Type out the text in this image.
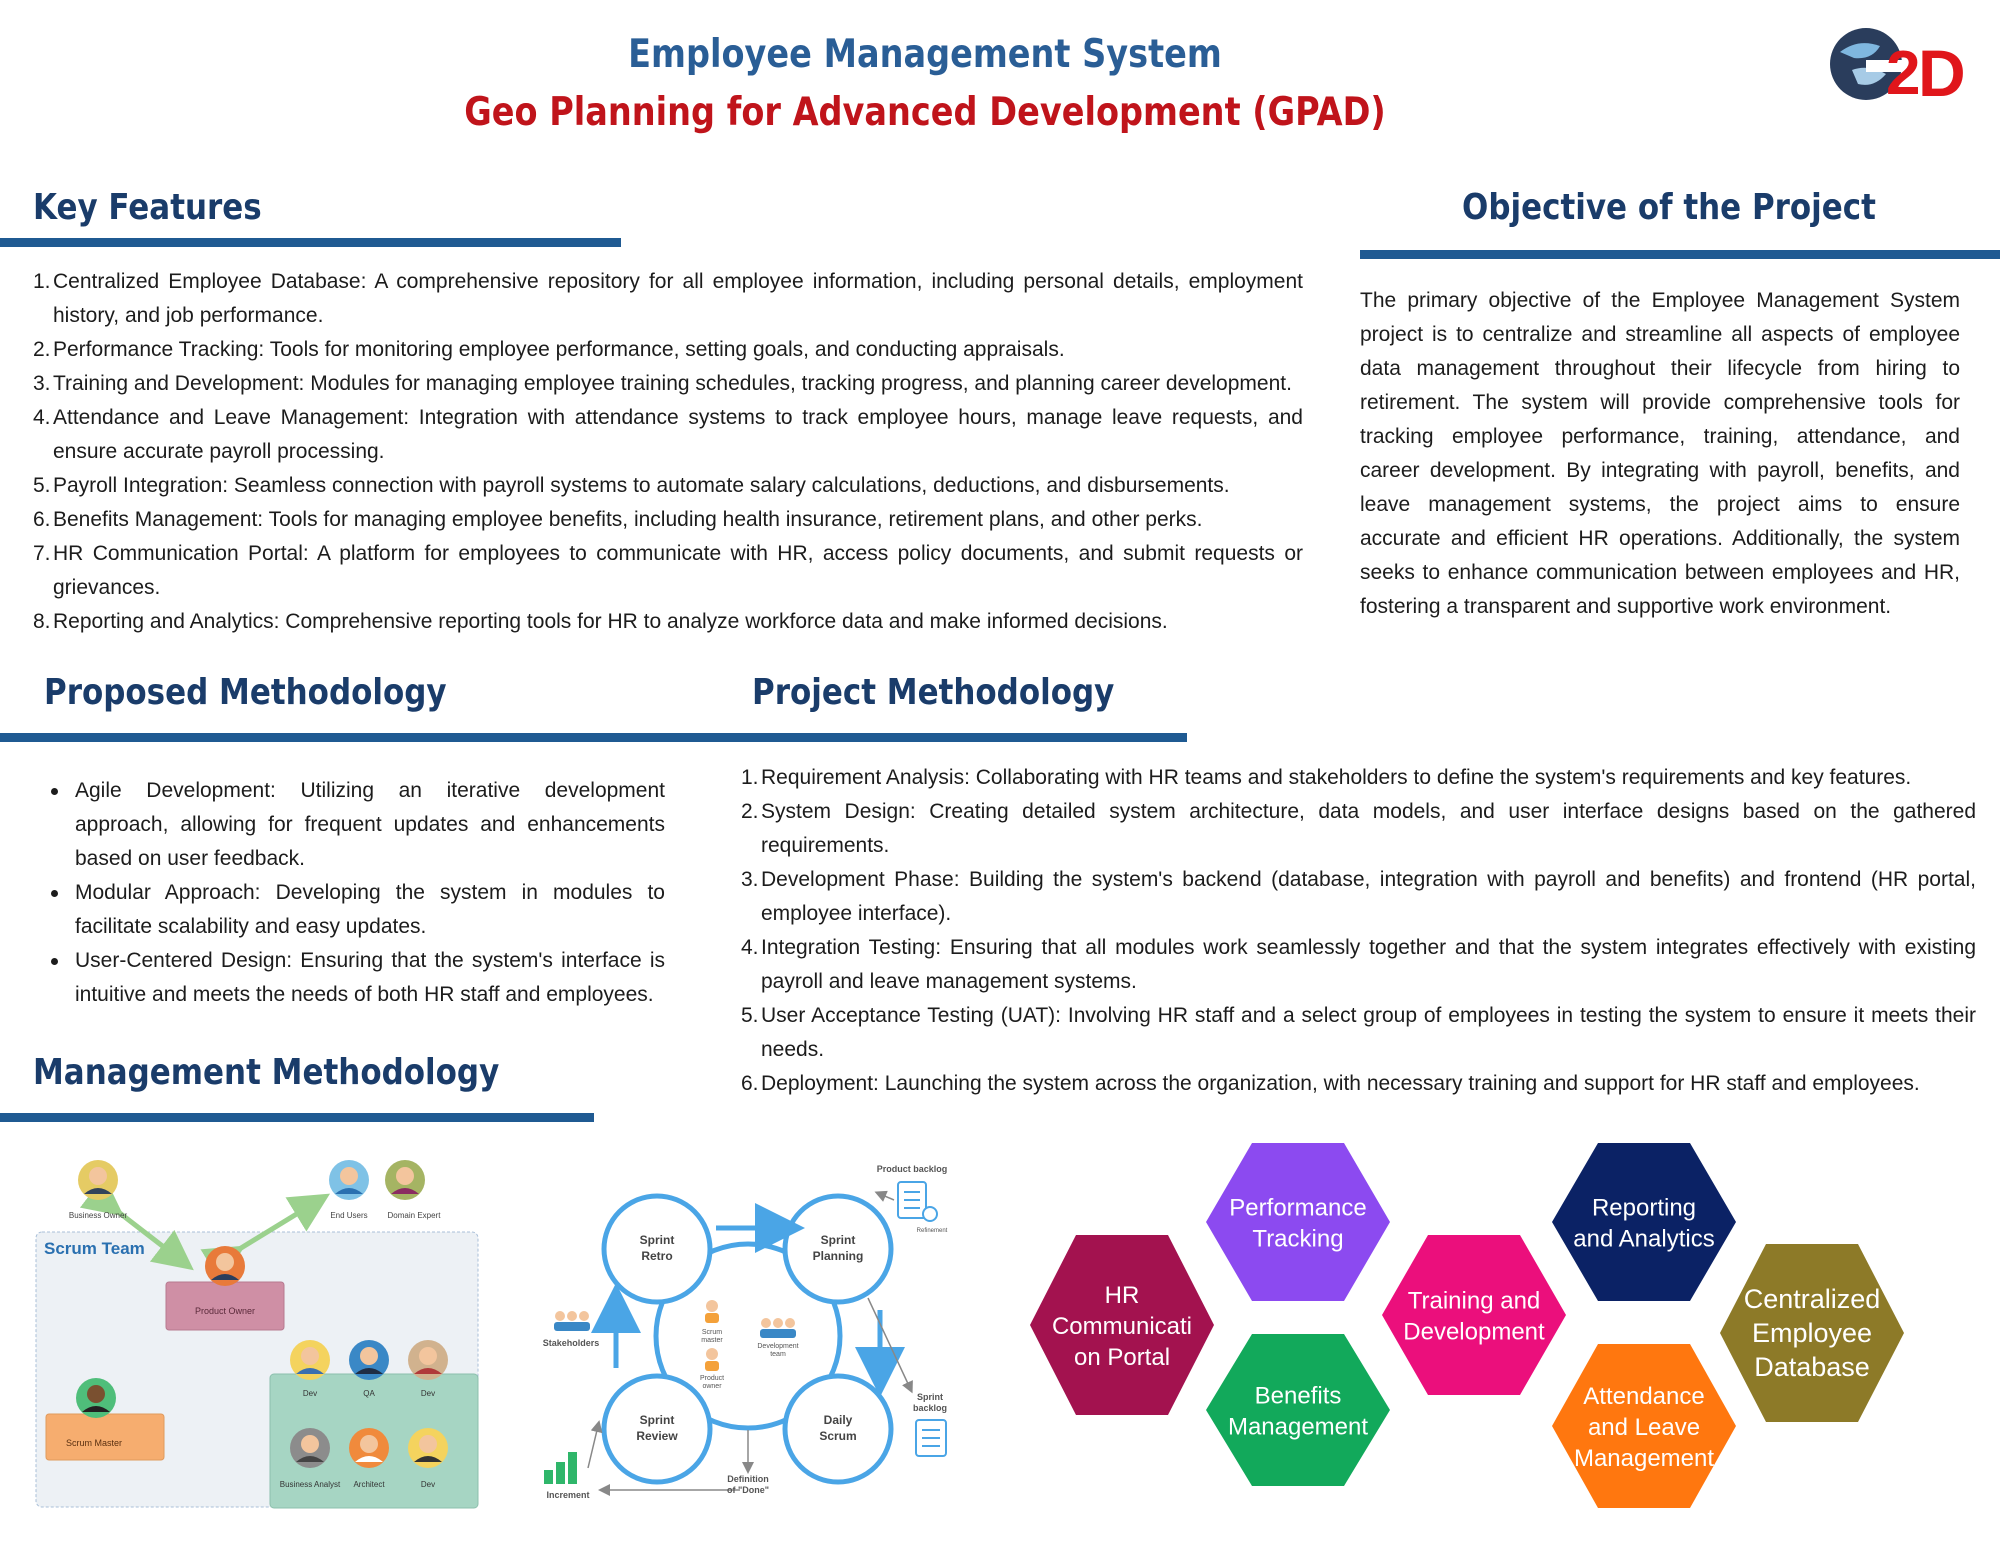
Employee Management System
Geo Planning for Advanced Development (GPAD)
2
D
Key Features
1. Centralized Employee Database: A comprehensive repository for all employee information, including personal details, employment history, and job performance.
2. Performance Tracking: Tools for monitoring employee performance, setting goals, and conducting appraisals.
3. Training and Development: Modules for managing employee training schedules, tracking progress, and planning career development.
4. Attendance and Leave Management: Integration with attendance systems to track employee hours, manage leave requests, and ensure accurate payroll processing.
5. Payroll Integration: Seamless connection with payroll systems to automate salary calculations, deductions, and disbursements.
6. Benefits Management: Tools for managing employee benefits, including health insurance, retirement plans, and other perks.
7. HR Communication Portal: A platform for employees to communicate with HR, access policy documents, and submit requests or grievances.
8. Reporting and Analytics: Comprehensive reporting tools for HR to analyze workforce data and make informed decisions.
Objective of the Project
The primary objective of the Employee Management System project is to centralize and streamline all aspects of employee data management throughout their lifecycle from hiring to retirement. The system will provide comprehensive tools for tracking employee performance, training, attendance, and career development. By integrating with payroll, benefits, and leave management systems, the project aims to ensure accurate and efficient HR operations. Additionally, the system seeks to enhance communication between employees and HR, fostering a transparent and supportive work environment.
Proposed Methodology	Project Methodology
Agile Development: Utilizing an iterative development approach, allowing for frequent updates and enhancements based on user feedback.
Modular Approach: Developing the system in modules to facilitate scalability and easy updates.
User-Centered Design: Ensuring that the system's interface is intuitive and meets the needs of both HR staff and employees.
1. Requirement Analysis: Collaborating with HR teams and stakeholders to define the system's requirements and key features.
2. System Design: Creating detailed system architecture, data models, and user interface designs based on the gathered requirements.
3. Development Phase: Building the system's backend (database, integration with payroll and benefits) and frontend (HR portal, employee interface).
4. Integration Testing: Ensuring that all modules work seamlessly together and that the system integrates effectively with existing payroll and leave management systems.
5. User Acceptance Testing (UAT): Involving HR staff and a select group of employees in testing the system to ensure it meets their needs.
6. Deployment: Launching the system across the organization, with necessary training and support for HR staff and employees.
Management Methodology
Scrum Team
Business Owner	End Users Domain Expert
Product Owner
Scrum Master
Dev	QA	Dev
Business Analyst Architect	Dev
Sprint Retro
Sprint Planning
Sprint Review
Daily Scrum
Scrum master
Development team
Product owner
Product backlog
Refinement
Sprint backlog
Stakeholders
Increment
Definition of "Done"
HR Communicati on Portal
Performance Tracking
Benefits Management
Training and Development
Reporting and Analytics
Attendance and Leave Management
Centralized Employee Database
